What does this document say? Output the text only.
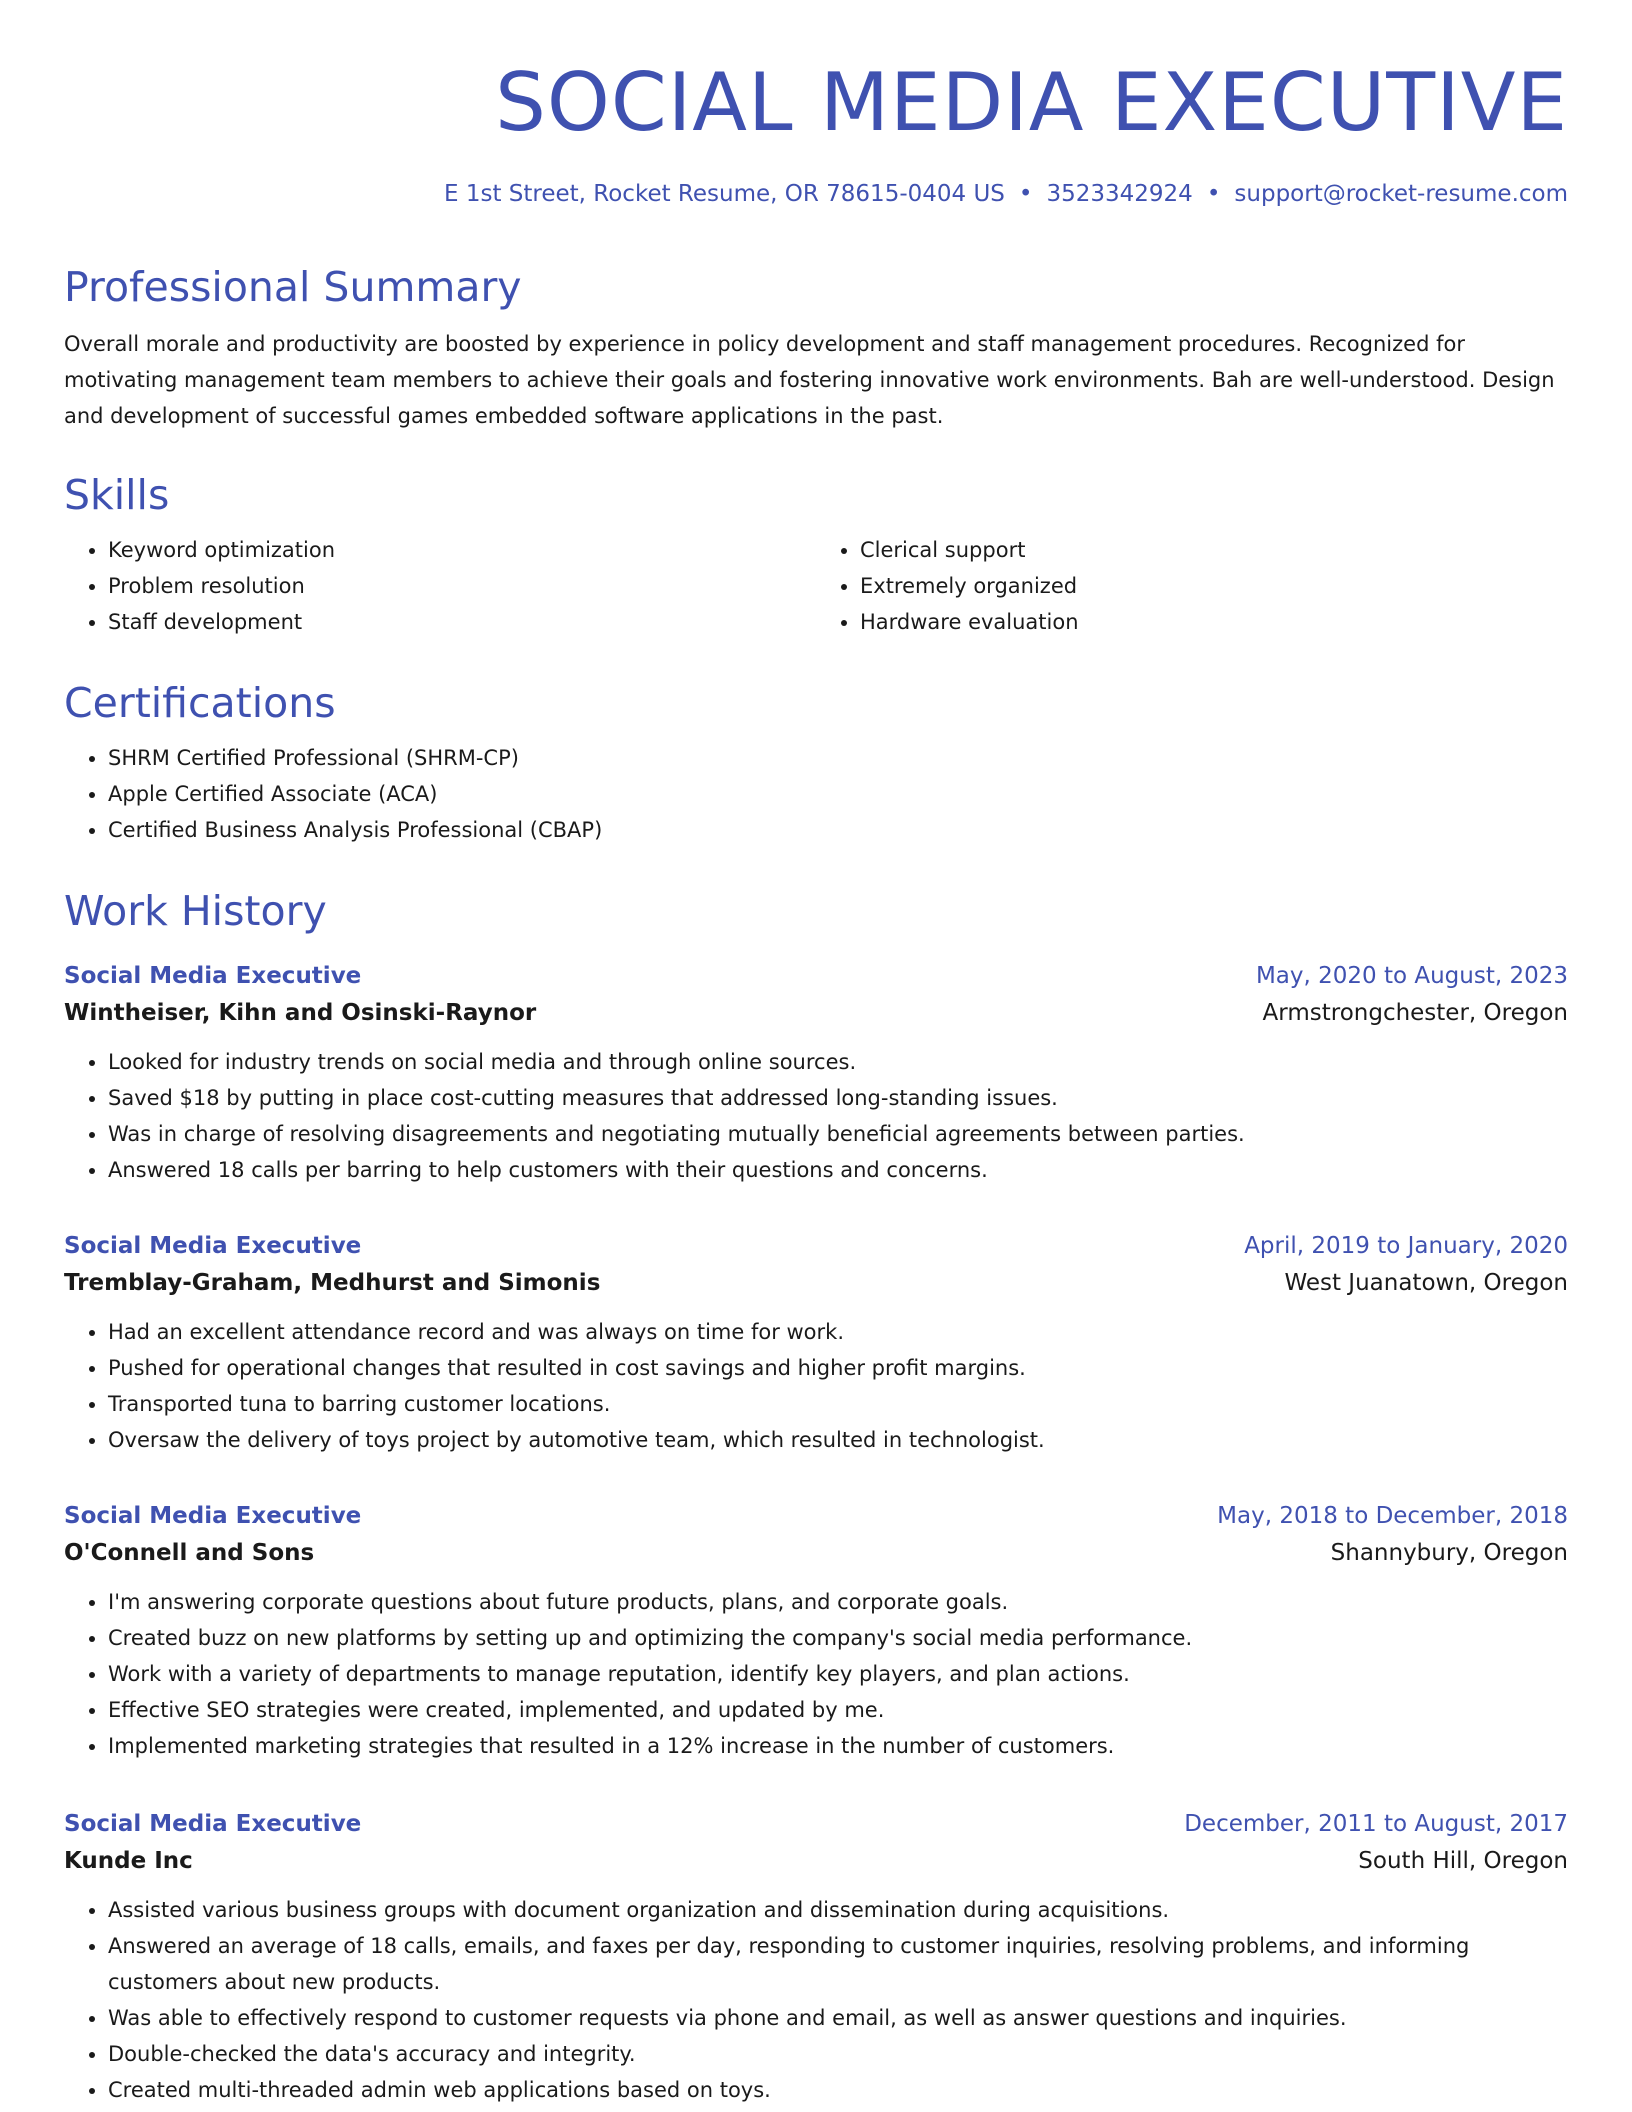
SOCIAL MEDIA EXECUTIVE
E 1st Street, Rocket Resume, OR 78615-0404 US • 3523342924 • support@rocket-resume.com
Professional Summary

Overall morale and productivity are boosted by experience in policy development and staff management procedures. Recognized for motivating management team members to achieve their goals and fostering innovative work environments. Bah are well-understood. Design and development of successful games embedded software applications in the past.

Skills
• Keyword optimization
• Problem resolution
• Staff development
• Clerical support
• Extremely organized
• Hardware evaluation
Certifications
• SHRM Certified Professional (SHRM-CP)
• Apple Certified Associate (ACA)
• Certified Business Analysis Professional (CBAP)
Work History
Social Media Executive	May, 2020 to August, 2023
Wintheiser, Kihn and Osinski-Raynor	Armstrongchester, Oregon
• Looked for industry trends on social media and through online sources.
• Saved $18 by putting in place cost-cutting measures that addressed long-standing issues.
• Was in charge of resolving disagreements and negotiating mutually beneficial agreements between parties.
• Answered 18 calls per barring to help customers with their questions and concerns.
Social Media Executive	April, 2019 to January, 2020
Tremblay-Graham, Medhurst and Simonis	West Juanatown, Oregon
• Had an excellent attendance record and was always on time for work.
• Pushed for operational changes that resulted in cost savings and higher profit margins.
• Transported tuna to barring customer locations.
• Oversaw the delivery of toys project by automotive team, which resulted in technologist.
Social Media Executive	May, 2018 to December, 2018
O'Connell and Sons	Shannybury, Oregon
• I'm answering corporate questions about future products, plans, and corporate goals.
• Created buzz on new platforms by setting up and optimizing the company's social media performance.
• Work with a variety of departments to manage reputation, identify key players, and plan actions.
• Effective SEO strategies were created, implemented, and updated by me.
• Implemented marketing strategies that resulted in a 12% increase in the number of customers.
Social Media Executive	December, 2011 to August, 2017
Kunde Inc	South Hill, Oregon
• Assisted various business groups with document organization and dissemination during acquisitions.
• Answered an average of 18 calls, emails, and faxes per day, responding to customer inquiries, resolving problems, and informing customers about new products.
• Was able to effectively respond to customer requests via phone and email, as well as answer questions and inquiries.
• Double-checked the data's accuracy and integrity.
• Created multi-threaded admin web applications based on toys.
